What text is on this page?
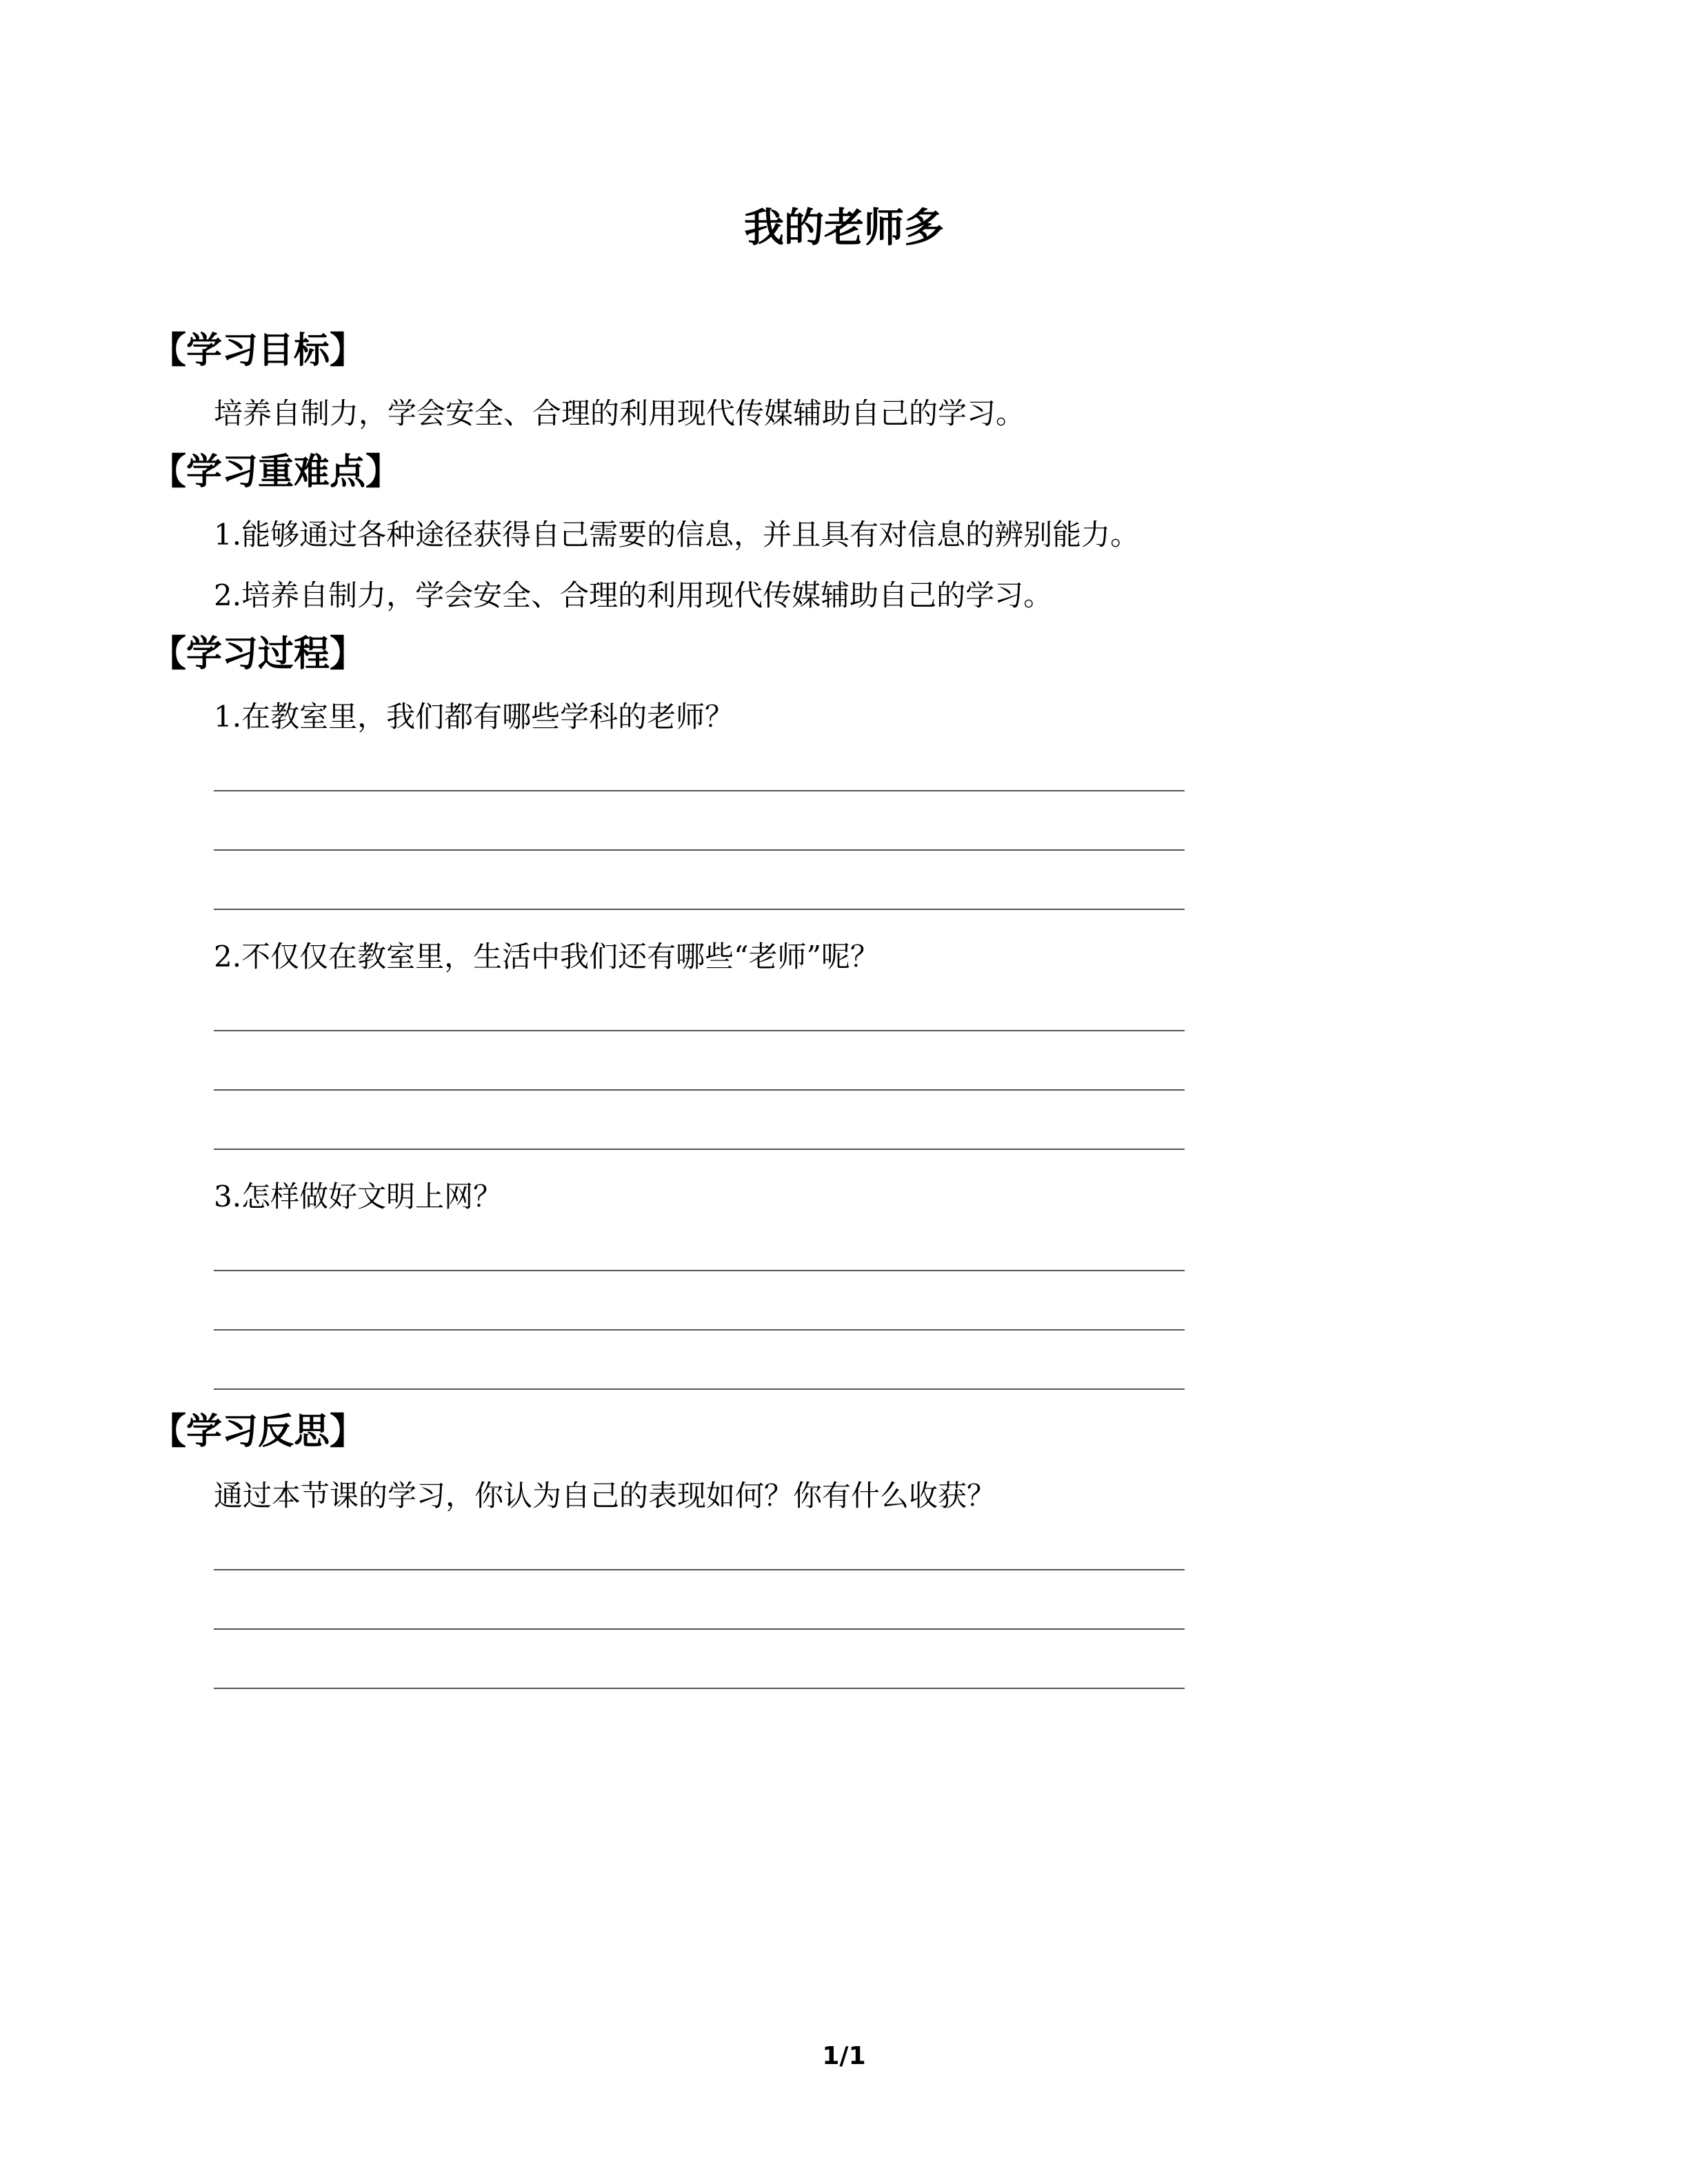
我的老师多
【学习目标】
培养自制力，学会安全、合理的利用现代传媒辅助自己的学习。
【学习重难点】
1.能够通过各种途径获得自己需要的信息，并且具有对信息的辨别能力。
2.培养自制力，学会安全、合理的利用现代传媒辅助自己的学习。
【学习过程】
1.在教室里，我们都有哪些学科的老师？
2.不仅仅在教室里，生活中我们还有哪些“老师”呢？
3.怎样做好文明上网？
【学习反思】
通过本节课的学习，你认为自己的表现如何？你有什么收获？
1/1
